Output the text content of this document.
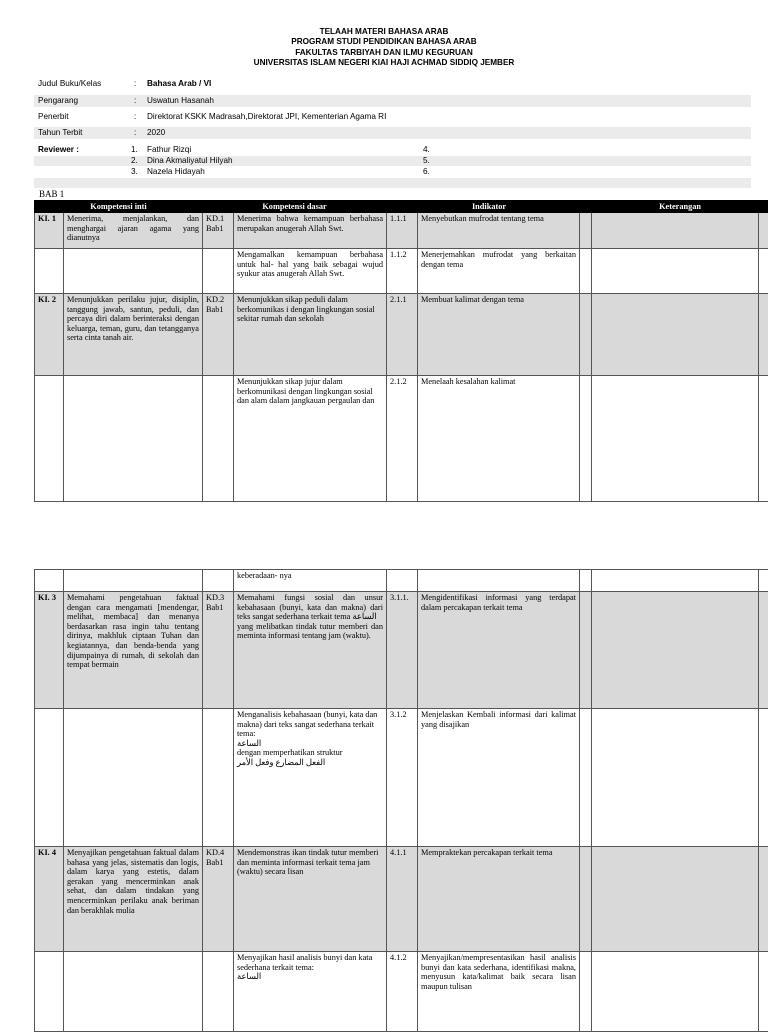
TELAAH MATERI BAHASA ARAB
PROGRAM STUDI PENDIDIKAN BAHASA ARAB
FAKULTAS TARBIYAH DAN ILMU KEGURUAN
UNIVERSITAS ISLAM NEGERI KIAI HAJI ACHMAD SIDDIQ JEMBER
Judul Buku/Kelas	: Bahasa Arab / VI
Pengarang	: Uswatun Hasanah
Penerbit	: Direktorat KSKK Madrasah,Direktorat JPI, Kementerian Agama RI
Tahun Terbit	: 2020
Reviewer :	1. Fathur Rizqi	4.
2. Dina Akmaliyatul Hilyah	5.
3. Nazela Hidayah	6.
BAB 1
Kompetensi inti		Kompetensi dasar		Indikator			Keterangan	
KI. 1	Menerima, menjalankan, dan menghargai ajaran agama yang dianutnya	KD.1 Bab1	Menerima bahwa kemampuan berbahasa merupakan anugerah Allah Swt.	1.1.1	Menyebutkan mufrodat tentang tema			
			Mengamalkan kemampuan berbahasa untuk hal- hal yang baik sebagai wujud syukur atas anugerah Allah Swt.	1.1.2	Menerjemahkan mufrodat yang berkaitan dengan tema			
KI. 2	Menunjukkan perilaku jujur, disiplin, tanggung jawab, santun, peduli, dan percaya diri dalam berinteraksi dengan keluarga, teman, guru, dan tetangganya serta cinta tanah air.	KD.2 Bab1	Menunjukkan sikap peduli dalam berkomunikas i dengan lingkungan sosial sekitar rumah dan sekolah	2.1.1	Membuat kalimat dengan tema			
			Menunjukkan sikap jujur dalam berkomunikasi dengan lingkungan sosial dan alam dalam jangkauan pergaulan dan	2.1.2	Menelaah kesalahan kalimat			
			keberadaan- nya					
KI. 3	Memahami pengetahuan faktual dengan cara mengamati [mendengar, melihat, membaca] dan menanya berdasarkan rasa ingin tahu tentang dirinya, makhluk ciptaan Tuhan dan kegiatannya, dan benda-benda yang dijumpainya di rumah, di sekolah dan tempat bermain	KD.3 Bab1	Memahami fungsi sosial dan unsur kebahasaan (bunyi, kata dan makna) dari teks sangat sederhana terkait tema الساعة
yang melibatkan tindak tutur memberi dan meminta informasi tentang jam (waktu).	3.1.1.	Mengidentifikasi informasi yang terdapat dalam percakapan terkait tema			

			Menganalisis kebahasaan (bunyi, kata dan makna) dari teks sangat sederhana terkait tema:
الساعة
dengan memperhatikan struktur
الفعل المضارع وفعل الأمر	3.1.2	Menjelaskan Kembali informasi dari kalimat yang disajikan			
KI. 4	Menyajikan pengetahuan faktual dalam bahasa yang jelas, sistematis dan logis, dalam karya yang estetis, dalam gerakan yang mencerminkan anak sehat, dan dalam tindakan yang mencerminkan perilaku anak beriman dan berakhlak mulia	KD.4 Bab1	Mendemonstras ikan tindak tutur memberi dan meminta informasi terkait tema jam (waktu) secara lisan	4.1.1	Mempraktekan percakapan terkait tema			

			Menyajikan hasil analisis bunyi dan kata sederhana terkait tema:
الساعة	4.1.2	Menyajikan/mempresentasikan hasil analisis bunyi dan kata sederhana, identifikasi makna, menyusun kata/kalimat baik secara lisan maupun tulisan			
